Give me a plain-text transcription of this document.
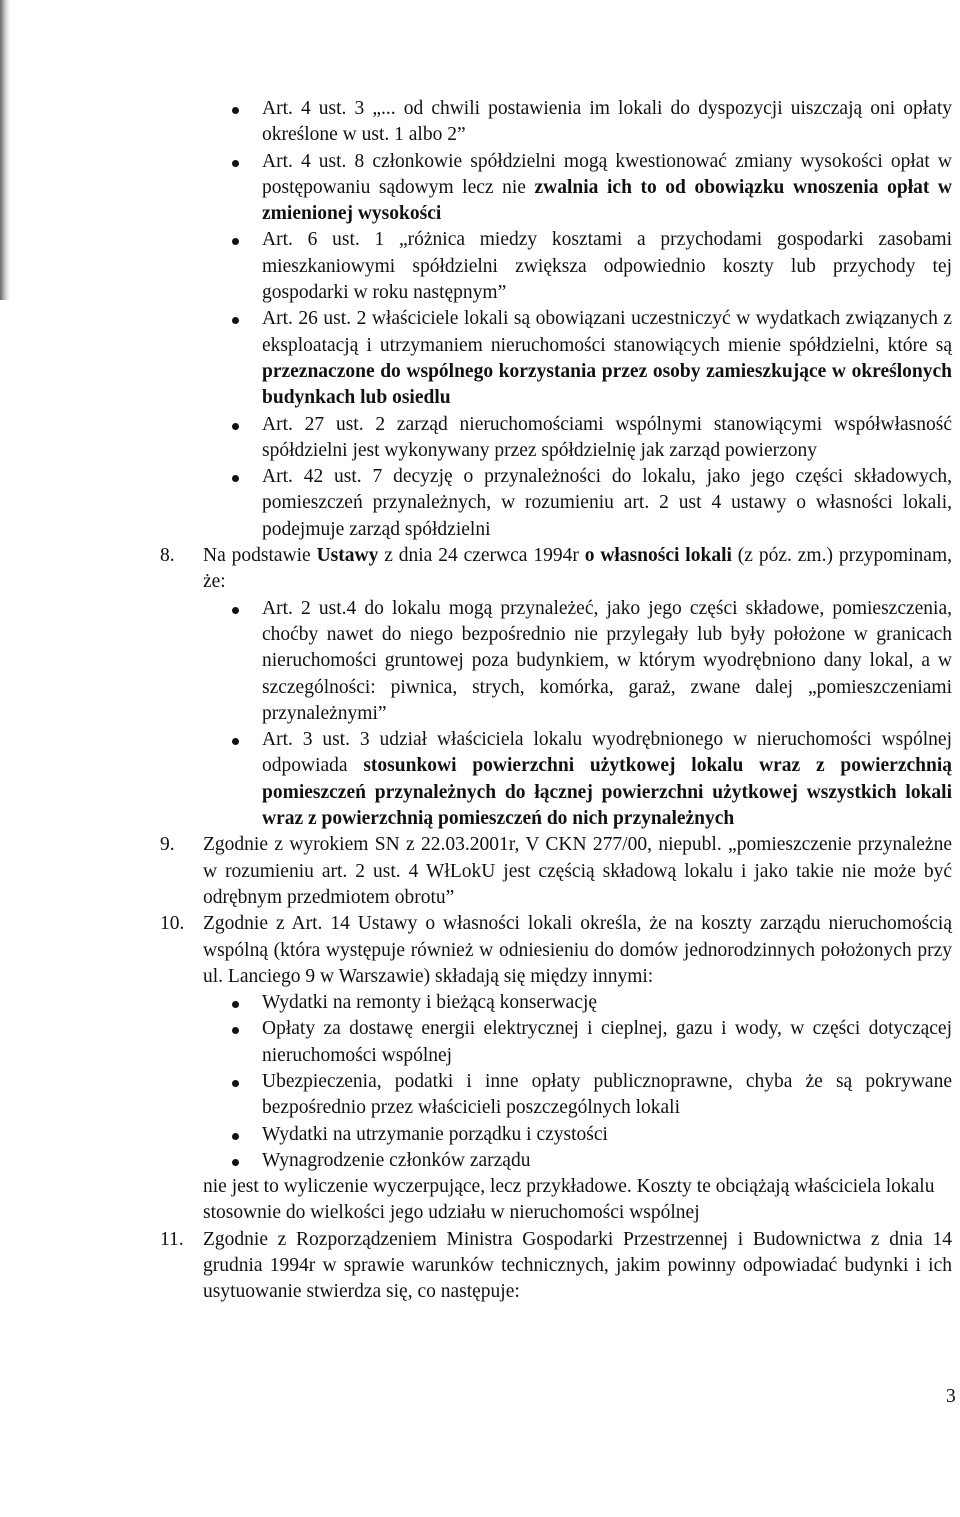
Art. 4 ust. 3 „... od chwili postawienia im lokali do dyspozycji uiszczają oni opłaty określone w ust. 1 albo 2”
Art. 4 ust. 8 członkowie spółdzielni mogą kwestionować zmiany wysokości opłat w postępowaniu sądowym lecz nie zwalnia ich to od obowiązku wnoszenia opłat w zmienionej wysokości
Art. 6 ust. 1 „różnica miedzy kosztami a przychodami gospodarki zasobami mieszkaniowymi spółdzielni zwiększa odpowiednio koszty lub przychody tej gospodarki w roku następnym”
Art. 26 ust. 2 właściciele lokali są obowiązani uczestniczyć w wydatkach związanych z eksploatacją i utrzymaniem nieruchomości stanowiących mienie spółdzielni, które są przeznaczone do wspólnego korzystania przez osoby zamieszkujące w określonych budynkach lub osiedlu
Art. 27 ust. 2 zarząd nieruchomościami wspólnymi stanowiącymi współwłasność spółdzielni jest wykonywany przez spółdzielnię jak zarząd powierzony
Art. 42 ust. 7 decyzję o przynależności do lokalu, jako jego części składowych, pomieszczeń przynależnych, w rozumieniu art. 2 ust 4 ustawy o własności lokali, podejmuje zarząd spółdzielni
8. Na podstawie Ustawy z dnia 24 czerwca 1994r o własności lokali (z póz. zm.) przypominam, że:

Art. 2 ust.4 do lokalu mogą przynależeć, jako jego części składowe, pomieszczenia, choćby nawet do niego bezpośrednio nie przylegały lub były położone w granicach nieruchomości gruntowej poza budynkiem, w którym wyodrębniono dany lokal, a w szczególności: piwnica, strych, komórka, garaż, zwane dalej „pomieszczeniami przynależnymi”
Art. 3 ust. 3 udział właściciela lokalu wyodrębnionego w nieruchomości wspólnej odpowiada stosunkowi powierzchni użytkowej lokalu wraz z powierzchnią pomieszczeń przynależnych do łącznej powierzchni użytkowej wszystkich lokali wraz z powierzchnią pomieszczeń do nich przynależnych
9. Zgodnie z wyrokiem SN z 22.03.2001r, V CKN 277/00, niepubl. „pomieszczenie przynależne w rozumieniu art. 2 ust. 4 WłLokU jest częścią składową lokalu i jako takie nie może być odrębnym przedmiotem obrotu”

10. Zgodnie z Art. 14 Ustawy o własności lokali określa, że na koszty zarządu nieruchomością wspólną (która występuje również w odniesieniu do domów jednorodzinnych położonych przy ul. Lanciego 9 w Warszawie) składają się między innymi:

Wydatki na remonty i bieżącą konserwację
Opłaty za dostawę energii elektrycznej i cieplnej, gazu i wody, w części dotyczącej nieruchomości wspólnej
Ubezpieczenia, podatki i inne opłaty publicznoprawne, chyba że są pokrywane bezpośrednio przez właścicieli poszczególnych lokali
Wydatki na utrzymanie porządku i czystości
Wynagrodzenie członków zarządu

nie jest to wyliczenie wyczerpujące, lecz przykładowe. Koszty te obciążają właściciela lokalu stosownie do wielkości jego udziału w nieruchomości wspólnej

11. Zgodnie z Rozporządzeniem Ministra Gospodarki Przestrzennej i Budownictwa z dnia 14 grudnia 1994r w sprawie warunków technicznych, jakim powinny odpowiadać budynki i ich usytuowanie stwierdza się, co następuje:

3
